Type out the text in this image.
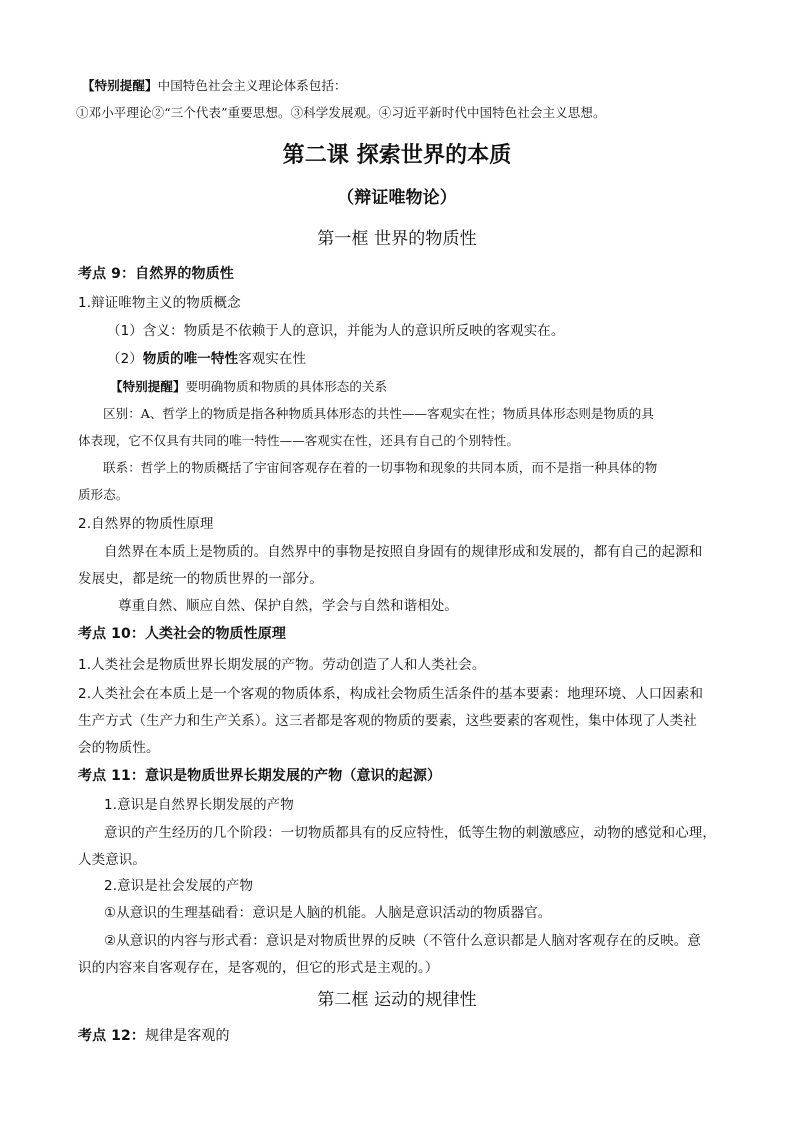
【特别提醒】中国特色社会主义理论体系包括：
①邓小平理论②“三个代表”重要思想。③科学发展观。④习近平新时代中国特色社会主义思想。
第二课 探索世界的本质
（辩证唯物论）
第一框 世界的物质性
考点 9：自然界的物质性
1.辩证唯物主义的物质概念
（1）含义：物质是不依赖于人的意识，并能为人的意识所反映的客观实在。
（2）物质的唯一特性客观实在性
【特别提醒】要明确物质和物质的具体形态的关系
区别：A、哲学上的物质是指各种物质具体形态的共性——客观实在性；物质具体形态则是物质的具
体表现，它不仅具有共同的唯一特性——客观实在性，还具有自己的个别特性。
联系：哲学上的物质概括了宇宙间客观存在着的一切事物和现象的共同本质，而不是指一种具体的物
质形态。
2.自然界的物质性原理
自然界在本质上是物质的。自然界中的事物是按照自身固有的规律形成和发展的，都有自己的起源和
发展史，都是统一的物质世界的一部分。
尊重自然、顺应自然、保护自然，学会与自然和谐相处。
考点 10：人类社会的物质性原理
1.人类社会是物质世界长期发展的产物。劳动创造了人和人类社会。
2.人类社会在本质上是一个客观的物质体系，构成社会物质生活条件的基本要素：地理环境、人口因素和
生产方式（生产力和生产关系）。这三者都是客观的物质的要素，这些要素的客观性，集中体现了人类社
会的物质性。
考点 11：意识是物质世界长期发展的产物（意识的起源）
1.意识是自然界长期发展的产物
意识的产生经历的几个阶段：一切物质都具有的反应特性，低等生物的刺激感应，动物的感觉和心理，
人类意识。
2.意识是社会发展的产物
①从意识的生理基础看：意识是人脑的机能。人脑是意识活动的物质器官。
②从意识的内容与形式看：意识是对物质世界的反映（不管什么意识都是人脑对客观存在的反映。意
识的内容来自客观存在，是客观的，但它的形式是主观的。）
第二框 运动的规律性
考点 12：规律是客观的
